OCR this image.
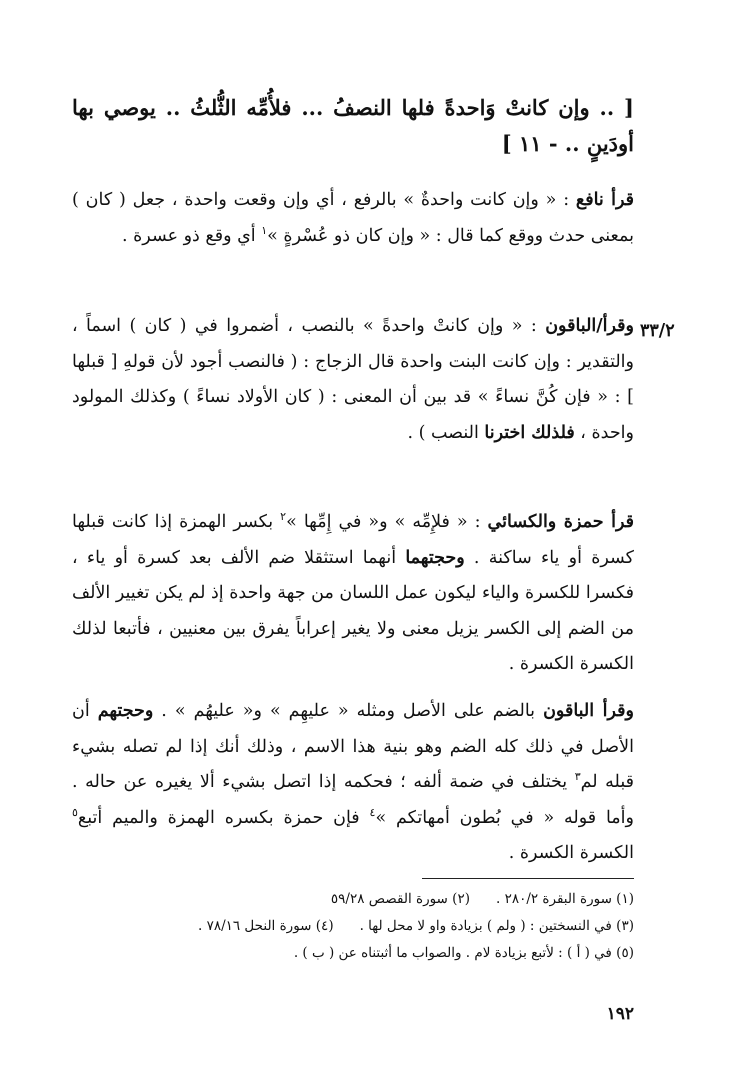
[ .. وإن كانتْ وَاحدةً فلها النصفُ ... فلأُمِّه الثُّلثُ .. يوصي بها أودَينٍ .. - ١١ ]
قرأ نافع : « وإن كانت واحدةٌ » بالرفع ، أي وإن وقعت واحدة ، جعل ( كان ) بمعنى حدث ووقع كما قال : « وإن كان ذو عُسْرةٍ »$^١$ أي وقع ذو عسرة .
٣٣/٢
وقرأ/الباقون : « وإن كانتْ واحدةً » بالنصب ، أضمروا في ( كان ) اسماً ، والتقدير : وإن كانت البنت واحدة قال الزجاج : ( فالنصب أجود لأن قولهِ [ قبلها ] : « فإن كُنَّ نساءً » قد بين أن المعنى : ( كان الأولاد نساءً ) وكذلك المولود واحدة ، فلذلك اخترنا النصب ) .
قرأ حمزة والكسائي : « فلإِمِّه » و« في إِمِّها »$^٢$ بكسر الهمزة إذا كانت قبلها كسرة أو ياء ساكنة . وحجتهما أنهما استثقلا ضم الألف بعد كسرة أو ياء ، فكسرا للكسرة والياء ليكون عمل اللسان من جهة واحدة إذ لم يكن تغيير الألف من الضم إلى الكسر يزيل معنى ولا يغير إعراباً يفرق بين معنيين ، فأتبعا لذلك الكسرة الكسرة .
وقرأ الباقون بالضم على الأصل ومثله « عليهِم » و« عليهُم » . وحجتهم أن الأصل في ذلك كله الضم وهو بنية هذا الاسم ، وذلك أنك إذا لم تصله بشيء قبله لم$^٣$ يختلف في ضمة ألفه ؛ فحكمه إذا اتصل بشيء ألا يغيره عن حاله . وأما قوله « في بُطون أمهاتكم »$^٤$ فإن حمزة بكسره الهمزة والميم أتبع$^٥$ الكسرة الكسرة .
(١) سورة البقرة ٢٨٠/٢ .(٢) سورة القصص ٥٩/٢٨
(٣) في النسختين : ( ولم ) بزيادة واو لا محل لها .(٤) سورة النحل ٧٨/١٦ .
(٥) في ( أ ) : لأتبع بزيادة لام . والصواب ما أثبتناه عن ( ب ) .
١٩٢
